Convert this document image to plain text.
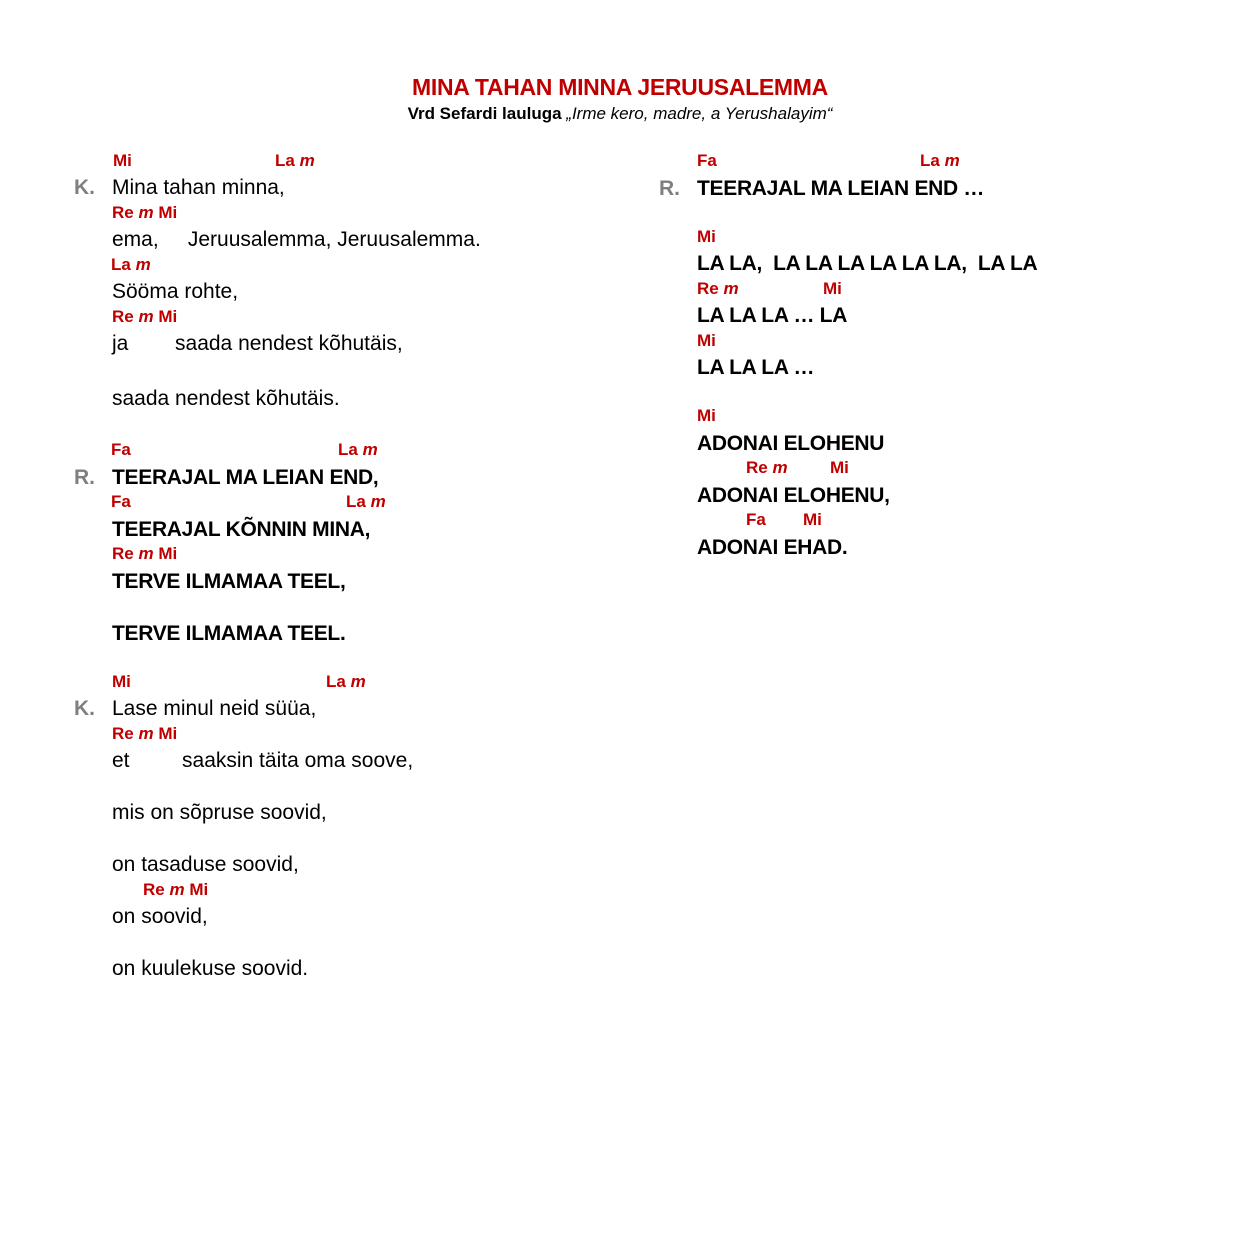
MINA TAHAN MINNA JERUUSALEMMA
Vrd Sefardi lauluga „Irme kero, madre, a Yerushalayim“
Mi	La m
K. Mina tahan minna,
Re m Mi
ema,     Jeruusalemma, Jeruusalemma.
La m
Sööma rohte,
Re m Mi
ja        saada nendest kõhutäis,
saada nendest kõhutäis.
Fa	La m
R. TEERAJAL MA LEIAN END,
Fa	La m
TEERAJAL KÕNNIN MINA,
Re m Mi
TERVE ILMAMAA TEEL,
TERVE ILMAMAA TEEL.
Mi	La m
K. Lase minul neid süüa,
Re m Mi
et         saaksin täita oma soove,
mis on sõpruse soovid,
on tasaduse soovid,
Re m Mi
on soovid,
on kuulekuse soovid.
Fa	La m
R. TEERAJAL MA LEIAN END …
Mi
LA LA,  LA LA LA LA LA LA,  LA LA
Re m	Mi
LA LA LA … LA
Mi
LA LA LA …
Mi
ADONAI ELOHENU
Re m Mi
ADONAI ELOHENU,
Fa Mi
ADONAI EHAD.
